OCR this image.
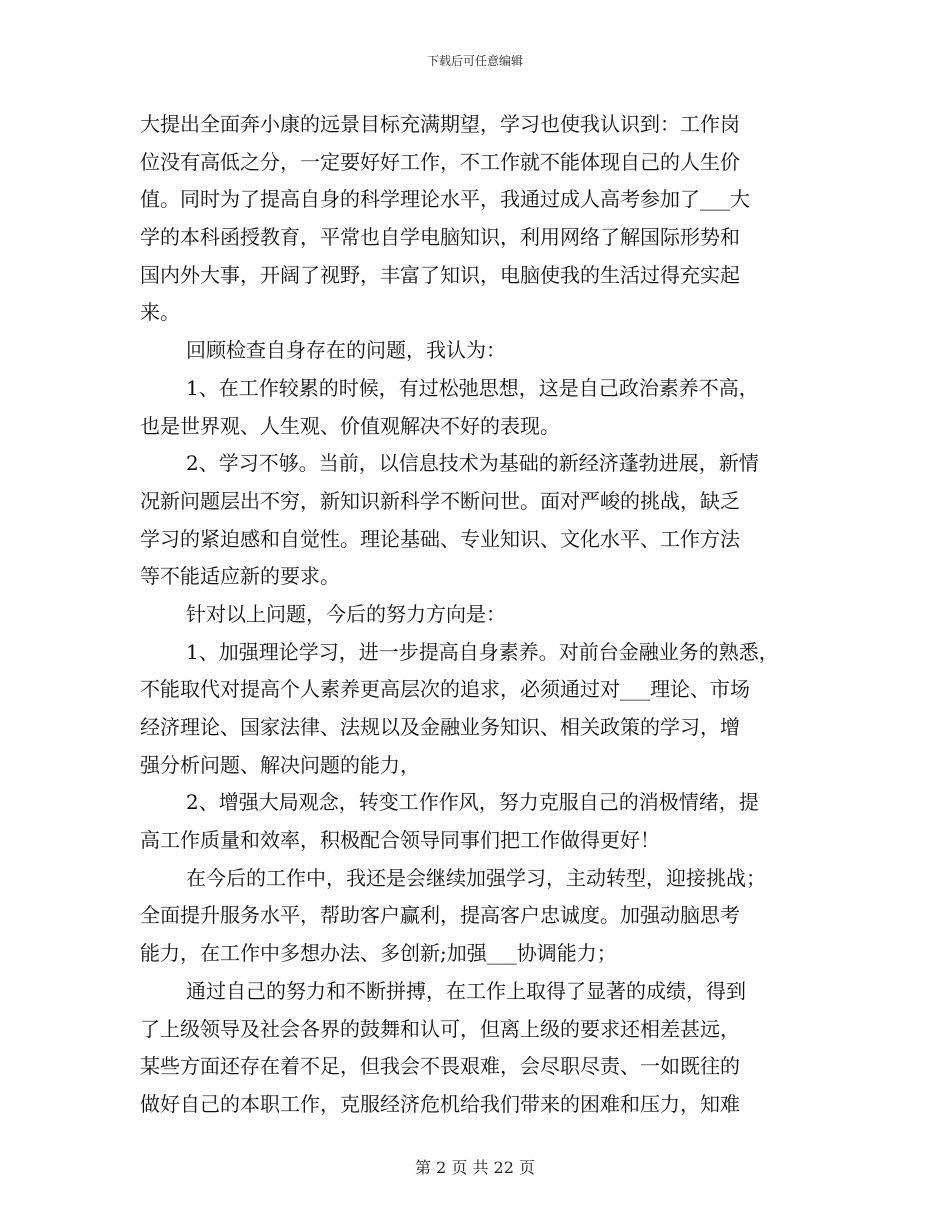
下载后可任意编辑
大提出全面奔小康的远景目标充满期望，学习也使我认识到：工作岗
位没有高低之分，一定要好好工作，不工作就不能体现自己的人生价
值。同时为了提高自身的科学理论水平，我通过成人高考参加了___大
学的本科函授教育，平常也自学电脑知识，利用网络了解国际形势和
国内外大事，开阔了视野，丰富了知识，电脑使我的生活过得充实起
来。
回顾检查自身存在的问题，我认为：
1、在工作较累的时候，有过松弛思想，这是自己政治素养不高，
也是世界观、人生观、价值观解决不好的表现。
2、学习不够。当前，以信息技术为基础的新经济蓬勃进展，新情
况新问题层出不穷，新知识新科学不断问世。面对严峻的挑战，缺乏
学习的紧迫感和自觉性。理论基础、专业知识、文化水平、工作方法
等不能适应新的要求。
针对以上问题，今后的努力方向是：
1、加强理论学习，进一步提高自身素养。对前台金融业务的熟悉，
不能取代对提高个人素养更高层次的追求，必须通过对___理论、市场
经济理论、国家法律、法规以及金融业务知识、相关政策的学习，增
强分析问题、解决问题的能力，
2、增强大局观念，转变工作作风，努力克服自己的消极情绪，提
高工作质量和效率，积极配合领导同事们把工作做得更好！
在今后的工作中，我还是会继续加强学习，主动转型，迎接挑战；
全面提升服务水平，帮助客户赢利，提高客户忠诚度。加强动脑思考
能力，在工作中多想办法、多创新;加强___协调能力；
通过自己的努力和不断拼搏，在工作上取得了显著的成绩，得到
了上级领导及社会各界的鼓舞和认可，但离上级的要求还相差甚远，
某些方面还存在着不足，但我会不畏艰难，会尽职尽责、一如既往的
做好自己的本职工作，克服经济危机给我们带来的困难和压力，知难
第 2 页 共 22 页
